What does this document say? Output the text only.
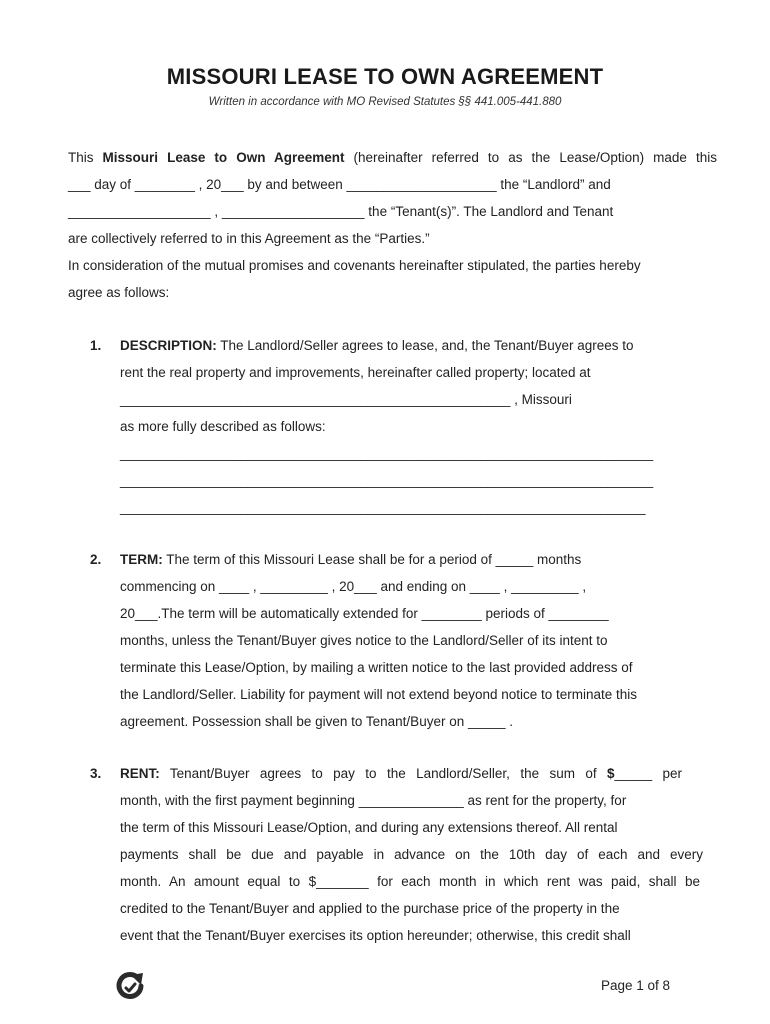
MISSOURI LEASE TO OWN AGREEMENT
Written in accordance with MO Revised Statutes §§ 441.005-441.880
This Missouri Lease to Own Agreement (hereinafter referred to as the Lease/Option) made this
___ day of ________ , 20___ by and between ____________________ the “Landlord” and
___________________ , ___________________ the “Tenant(s)”. The Landlord and Tenant
are collectively referred to in this Agreement as the “Parties.”
In consideration of the mutual promises and covenants hereinafter stipulated, the parties hereby
agree as follows:
1. DESCRIPTION: The Landlord/Seller agrees to lease, and, the Tenant/Buyer agrees to
rent the real property and improvements, hereinafter called property; located at
____________________________________________________ , Missouri
as more fully described as follows:
_______________________________________________________________________
_______________________________________________________________________
______________________________________________________________________
2. TERM: The term of this Missouri Lease shall be for a period of _____ months
commencing on ____ , _________ , 20___ and ending on ____ , _________ ,
20___.The term will be automatically extended for ________ periods of ________
months, unless the Tenant/Buyer gives notice to the Landlord/Seller of its intent to
terminate this Lease/Option, by mailing a written notice to the last provided address of
the Landlord/Seller. Liability for payment will not extend beyond notice to terminate this
agreement. Possession shall be given to Tenant/Buyer on _____ .
3. RENT: Tenant/Buyer agrees to pay to the Landlord/Seller, the sum of $_____ per
month, with the first payment beginning ______________ as rent for the property, for
the term of this Missouri Lease/Option, and during any extensions thereof. All rental
payments shall be due and payable in advance on the 10th day of each and every
month. An amount equal to $_______ for each month in which rent was paid, shall be
credited to the Tenant/Buyer and applied to the purchase price of the property in the
event that the Tenant/Buyer exercises its option hereunder; otherwise, this credit shall
Page 1 of 8
